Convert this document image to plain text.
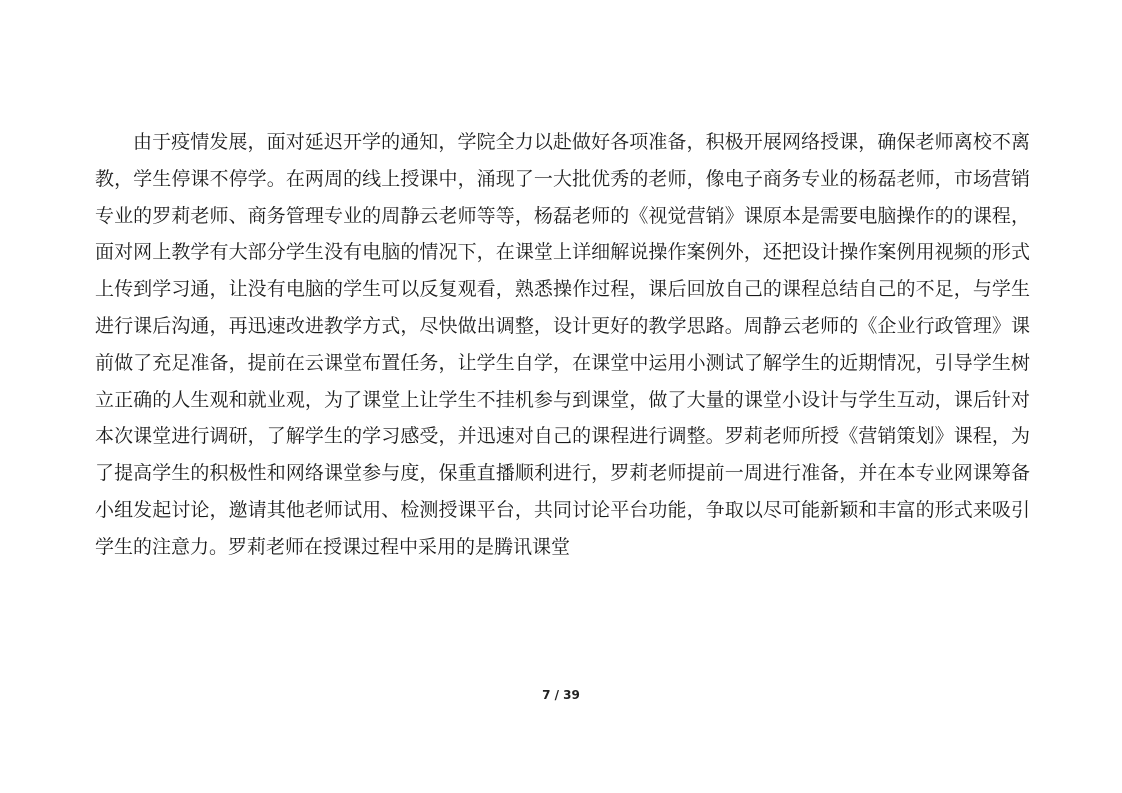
由于疫情发展，面对延迟开学的通知，学院全力以赴做好各项准备，积极开展网络授课，确保老师离校不离教，学生停课不停学。在两周的线上授课中，涌现了一大批优秀的老师，像电子商务专业的杨磊老师，市场营销专业的罗莉老师、商务管理专业的周静云老师等等，杨磊老师的《视觉营销》课原本是需要电脑操作的的课程，面对网上教学有大部分学生没有电脑的情况下，在课堂上详细解说操作案例外，还把设计操作案例用视频的形式上传到学习通，让没有电脑的学生可以反复观看，熟悉操作过程，课后回放自己的课程总结自己的不足，与学生进行课后沟通，再迅速改进教学方式，尽快做出调整，设计更好的教学思路。周静云老师的《企业行政管理》课前做了充足准备，提前在云课堂布置任务，让学生自学，在课堂中运用小测试了解学生的近期情况，引导学生树立正确的人生观和就业观，为了课堂上让学生不挂机参与到课堂，做了大量的课堂小设计与学生互动，课后针对本次课堂进行调研，了解学生的学习感受，并迅速对自己的课程进行调整。罗莉老师所授《营销策划》课程，为了提高学生的积极性和网络课堂参与度，保重直播顺利进行，罗莉老师提前一周进行准备，并在本专业网课筹备小组发起讨论，邀请其他老师试用、检测授课平台，共同讨论平台功能，争取以尽可能新颖和丰富的形式来吸引学生的注意力。罗莉老师在授课过程中采用的是腾讯课堂

7 / 39
